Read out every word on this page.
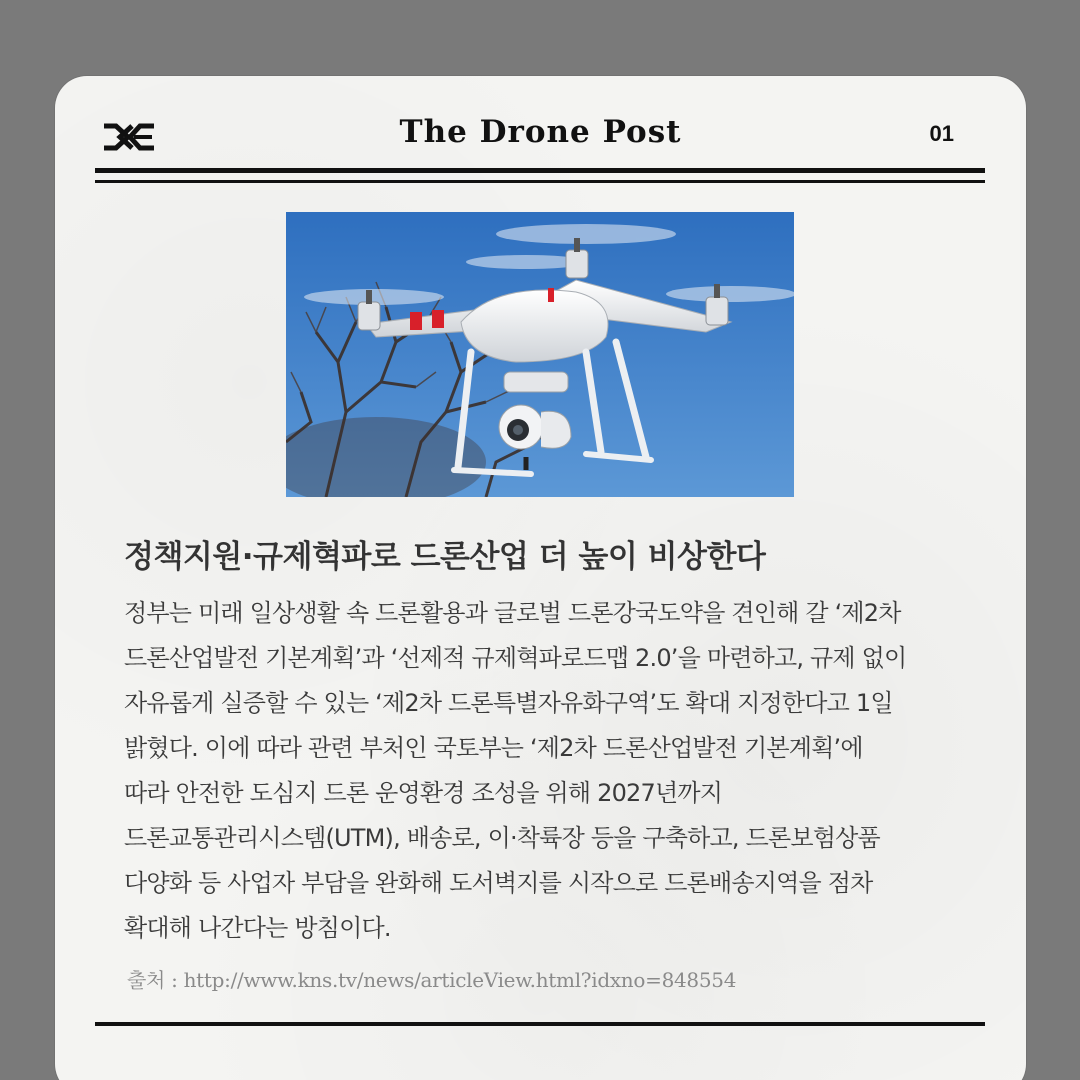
The Drone Post	01
정책지원·규제혁파로 드론산업 더 높이 비상한다
정부는 미래 일상생활 속 드론활용과 글로벌 드론강국도약을 견인해 갈 ‘제2차
드론산업발전 기본계획’과 ‘선제적 규제혁파로드맵 2.0’을 마련하고, 규제 없이
자유롭게 실증할 수 있는 ‘제2차 드론특별자유화구역’도 확대 지정한다고 1일
밝혔다. 이에 따라 관련 부처인 국토부는 ‘제2차 드론산업발전 기본계획’에
따라 안전한 도심지 드론 운영환경 조성을 위해 2027년까지
드론교통관리시스템(UTM), 배송로, 이·착륙장 등을 구축하고, 드론보험상품
다양화 등 사업자 부담을 완화해 도서벽지를 시작으로 드론배송지역을 점차
확대해 나간다는 방침이다.
출처 : http://www.kns.tv/news/articleView.html?idxno=848554
